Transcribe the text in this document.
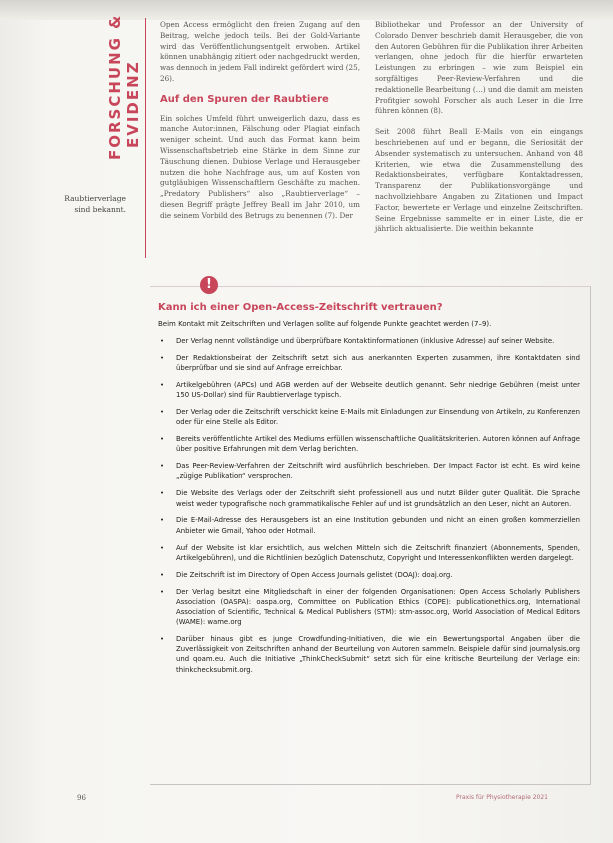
FORSCHUNG & EVIDENZ

Open Access ermöglicht den freien Zugang auf den Beitrag, welche jedoch teils. Bei der Gold-Variante wird das Veröffentlichungsentgelt erwoben. Artikel können unabhängig zitiert oder nachgedruckt werden, was dennoch in jedem Fall indirekt gefördert wird (25, 26).

Auf den Spuren der Raubtiere

Ein solches Umfeld führt unweigerlich dazu, dass es manche Autor:innen, Fälschung oder Plagiat einfach weniger scheint. Und auch das Format kann beim Wissenschaftsbetrieb eine Stärke in dem Sinne zur Täuschung dienen. Dubiose Verlage und Herausgeber nutzen die hohe Nachfrage aus, um auf Kosten von gutgläubigen Wissenschaftlern Geschäfte zu machen. „Predatory Publishers“ also „Raubtierverlage“ – diesen Begriff prägte Jeffrey Beall im Jahr 2010, um die seinem Vorbild des Betrugs zu benennen (7). Der

Bibliothekar und Professor an der University of Colorado Denver beschrieb damit Herausgeber, die von den Autoren Gebühren für die Publikation ihrer Arbeiten verlangen, ohne jedoch für die hierfür erwarteten Leistungen zu erbringen – wie zum Beispiel ein sorgfältiges Peer-Review-Verfahren und die redaktionelle Bearbeitung (…) und die damit am meisten Profitgier sowohl Forscher als auch Leser in die Irre führen können (8).

Seit 2008 führt Beall E-Mails von ein eingangs beschriebenen auf und er begann, die Seriosität der Absender systematisch zu untersuchen. Anhand von 48 Kriterien, wie etwa die Zusammenstellung des Redaktionsbeirates, verfügbare Kontaktadressen, Transparenz der Publikationsvorgänge und nachvollziehbare Angaben zu Zitationen und Impact Factor, bewertete er Verlage und einzelne Zeitschriften. Seine Ergebnisse sammelte er in einer Liste, die er jährlich aktualisierte. Die weithin bekannte

Raubtierverlage sind bekannt.
!
Kann ich einer Open-Access-Zeitschrift vertrauen?
Beim Kontakt mit Zeitschriften und Verlagen sollte auf folgende Punkte geachtet werden (7–9).
• Der Verlag nennt vollständige und überprüfbare Kontaktinformationen (inklusive Adresse) auf seiner Website.
• Der Redaktionsbeirat der Zeitschrift setzt sich aus anerkannten Experten zusammen, ihre Kontaktdaten sind überprüfbar und sie sind auf Anfrage erreichbar.
• Artikelgebühren (APCs) und AGB werden auf der Webseite deutlich genannt. Sehr niedrige Gebühren (meist unter 150 US-Dollar) sind für Raubtierverlage typisch.
• Der Verlag oder die Zeitschrift verschickt keine E-Mails mit Einladungen zur Einsendung von Artikeln, zu Konferenzen oder für eine Stelle als Editor.
• Bereits veröffentlichte Artikel des Mediums erfüllen wissenschaftliche Qualitätskriterien. Autoren können auf Anfrage über positive Erfahrungen mit dem Verlag berichten.
• Das Peer-Review-Verfahren der Zeitschrift wird ausführlich beschrieben. Der Impact Factor ist echt. Es wird keine „zügige Publikation“ versprochen.
• Die Website des Verlags oder der Zeitschrift sieht professionell aus und nutzt Bilder guter Qualität. Die Sprache weist weder typografische noch grammatikalische Fehler auf und ist grundsätzlich an den Leser, nicht an Autoren.
• Die E-Mail-Adresse des Herausgebers ist an eine Institution gebunden und nicht an einen großen kommerziellen Anbieter wie Gmail, Yahoo oder Hotmail.
• Auf der Website ist klar ersichtlich, aus welchen Mitteln sich die Zeitschrift finanziert (Abonnements, Spenden, Artikelgebühren), und die Richtlinien bezüglich Datenschutz, Copyright und Interessenkonflikten werden dargelegt.
• Die Zeitschrift ist im Directory of Open Access Journals gelistet (DOAJ): doaj.org.
• Der Verlag besitzt eine Mitgliedschaft in einer der folgenden Organisationen: Open Access Scholarly Publishers Association (OASPA): oaspa.org, Committee on Publication Ethics (COPE): publicationethics.org, International Association of Scientific, Technical & Medical Publishers (STM): stm-assoc.org, World Association of Medical Editors (WAME): wame.org
• Darüber hinaus gibt es junge Crowdfunding-Initiativen, die wie ein Bewertungsportal Angaben über die Zuverlässigkeit von Zeitschriften anhand der Beurteilung von Autoren sammeln. Beispiele dafür sind journalysis.org und qoam.eu. Auch die Initiative „ThinkCheckSubmit“ setzt sich für eine kritische Beurteilung der Verlage ein: thinkchecksubmit.org.
96	Praxis für Physiotherapie 2021
